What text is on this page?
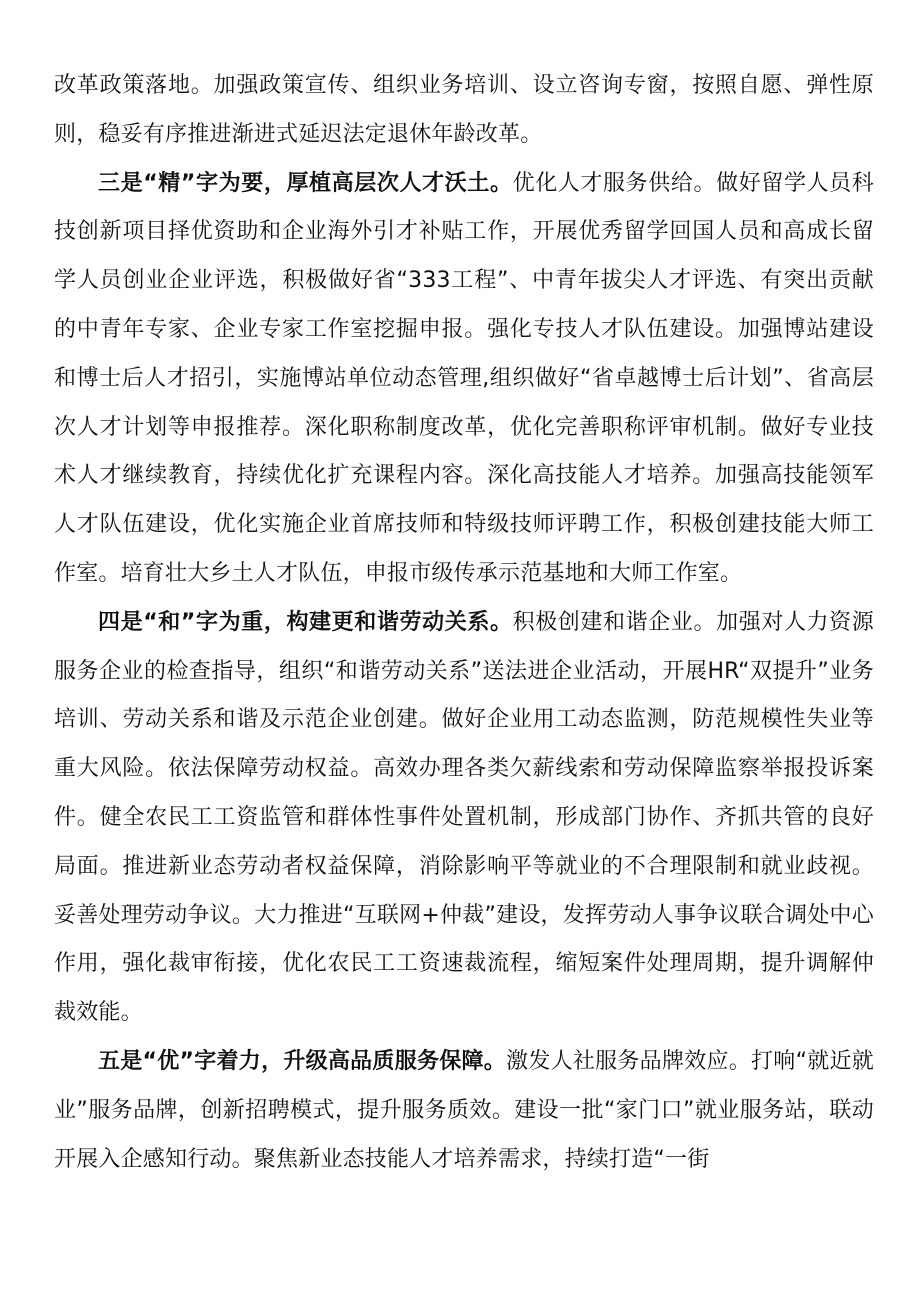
改革政策落地。加强政策宣传、组织业务培训、设立咨询专窗，按照自愿、弹性原则，稳妥有序推进渐进式延迟法定退休年龄改革。

三是“精”字为要，厚植高层次人才沃土。优化人才服务供给。做好留学人员科技创新项目择优资助和企业海外引才补贴工作，开展优秀留学回国人员和高成长留学人员创业企业评选，积极做好省“333工程”、中青年拔尖人才评选、有突出贡献的中青年专家、企业专家工作室挖掘申报。强化专技人才队伍建设。加强博站建设和博士后人才招引，实施博站单位动态管理,组织做好“省卓越博士后计划”、省高层次人才计划等申报推荐。深化职称制度改革，优化完善职称评审机制。做好专业技术人才继续教育，持续优化扩充课程内容。深化高技能人才培养。加强高技能领军人才队伍建设，优化实施企业首席技师和特级技师评聘工作，积极创建技能大师工作室。培育壮大乡土人才队伍，申报市级传承示范基地和大师工作室。

四是“和”字为重，构建更和谐劳动关系。积极创建和谐企业。加强对人力资源服务企业的检查指导，组织“和谐劳动关系”送法进企业活动，开展HR“双提升”业务培训、劳动关系和谐及示范企业创建。做好企业用工动态监测，防范规模性失业等重大风险。依法保障劳动权益。高效办理各类欠薪线索和劳动保障监察举报投诉案件。健全农民工工资监管和群体性事件处置机制，形成部门协作、齐抓共管的良好局面。推进新业态劳动者权益保障，消除影响平等就业的不合理限制和就业歧视。妥善处理劳动争议。大力推进“互联网+仲裁”建设，发挥劳动人事争议联合调处中心作用，强化裁审衔接，优化农民工工资速裁流程，缩短案件处理周期，提升调解仲裁效能。

五是“优”字着力，升级高品质服务保障。激发人社服务品牌效应。打响“就近就业”服务品牌，创新招聘模式，提升服务质效。建设一批“家门口”就业服务站，联动开展入企感知行动。聚焦新业态技能人才培养需求，持续打造“一街
